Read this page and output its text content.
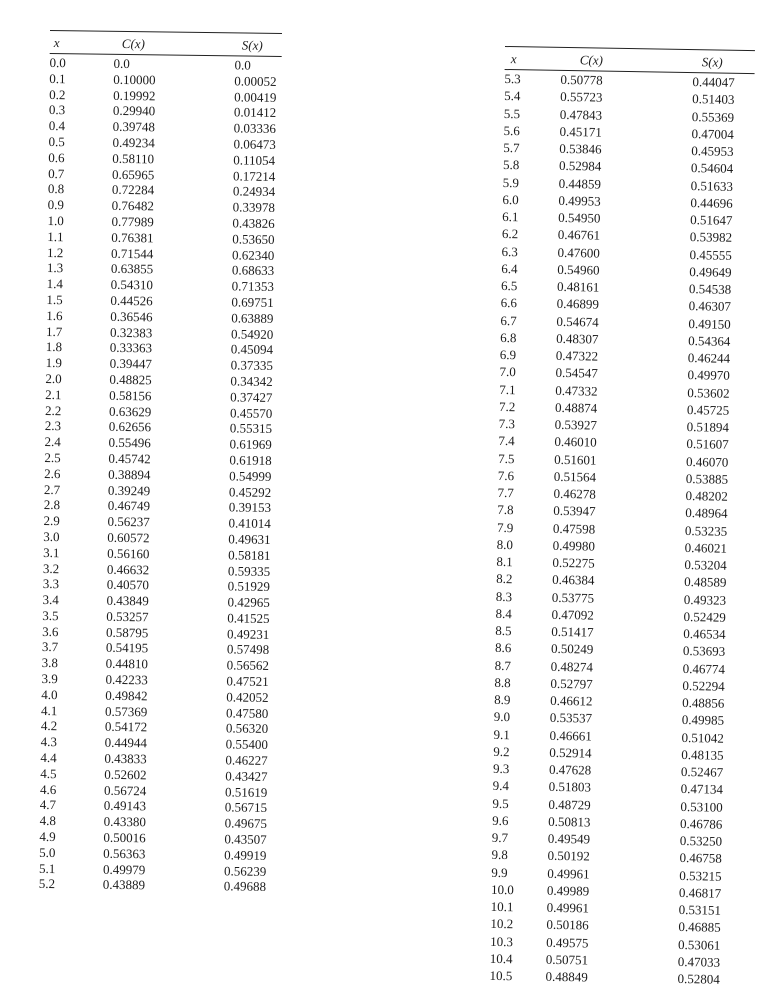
x	C(x)	S(x)
0.0	0.0	0.0
0.1	0.10000	0.00052
0.2	0.19992	0.00419
0.3	0.29940	0.01412
0.4	0.39748	0.03336
0.5	0.49234	0.06473
0.6	0.58110	0.11054
0.7	0.65965	0.17214
0.8	0.72284	0.24934
0.9	0.76482	0.33978
1.0	0.77989	0.43826
1.1	0.76381	0.53650
1.2	0.71544	0.62340
1.3	0.63855	0.68633
1.4	0.54310	0.71353
1.5	0.44526	0.69751
1.6	0.36546	0.63889
1.7	0.32383	0.54920
1.8	0.33363	0.45094
1.9	0.39447	0.37335
2.0	0.48825	0.34342
2.1	0.58156	0.37427
2.2	0.63629	0.45570
2.3	0.62656	0.55315
2.4	0.55496	0.61969
2.5	0.45742	0.61918
2.6	0.38894	0.54999
2.7	0.39249	0.45292
2.8	0.46749	0.39153
2.9	0.56237	0.41014
3.0	0.60572	0.49631
3.1	0.56160	0.58181
3.2	0.46632	0.59335
3.3	0.40570	0.51929
3.4	0.43849	0.42965
3.5	0.53257	0.41525
3.6	0.58795	0.49231
3.7	0.54195	0.57498
3.8	0.44810	0.56562
3.9	0.42233	0.47521
4.0	0.49842	0.42052
4.1	0.57369	0.47580
4.2	0.54172	0.56320
4.3	0.44944	0.55400
4.4	0.43833	0.46227
4.5	0.52602	0.43427
4.6	0.56724	0.51619
4.7	0.49143	0.56715
4.8	0.43380	0.49675
4.9	0.50016	0.43507
5.0	0.56363	0.49919
5.1	0.49979	0.56239
5.2	0.43889	0.49688
x	C(x)	S(x)
5.3	0.50778	0.44047
5.4	0.55723	0.51403
5.5	0.47843	0.55369
5.6	0.45171	0.47004
5.7	0.53846	0.45953
5.8	0.52984	0.54604
5.9	0.44859	0.51633
6.0	0.49953	0.44696
6.1	0.54950	0.51647
6.2	0.46761	0.53982
6.3	0.47600	0.45555
6.4	0.54960	0.49649
6.5	0.48161	0.54538
6.6	0.46899	0.46307
6.7	0.54674	0.49150
6.8	0.48307	0.54364
6.9	0.47322	0.46244
7.0	0.54547	0.49970
7.1	0.47332	0.53602
7.2	0.48874	0.45725
7.3	0.53927	0.51894
7.4	0.46010	0.51607
7.5	0.51601	0.46070
7.6	0.51564	0.53885
7.7	0.46278	0.48202
7.8	0.53947	0.48964
7.9	0.47598	0.53235
8.0	0.49980	0.46021
8.1	0.52275	0.53204
8.2	0.46384	0.48589
8.3	0.53775	0.49323
8.4	0.47092	0.52429
8.5	0.51417	0.46534
8.6	0.50249	0.53693
8.7	0.48274	0.46774
8.8	0.52797	0.52294
8.9	0.46612	0.48856
9.0	0.53537	0.49985
9.1	0.46661	0.51042
9.2	0.52914	0.48135
9.3	0.47628	0.52467
9.4	0.51803	0.47134
9.5	0.48729	0.53100
9.6	0.50813	0.46786
9.7	0.49549	0.53250
9.8	0.50192	0.46758
9.9	0.49961	0.53215
10.0	0.49989	0.46817
10.1	0.49961	0.53151
10.2	0.50186	0.46885
10.3	0.49575	0.53061
10.4	0.50751	0.47033
10.5	0.48849	0.52804
